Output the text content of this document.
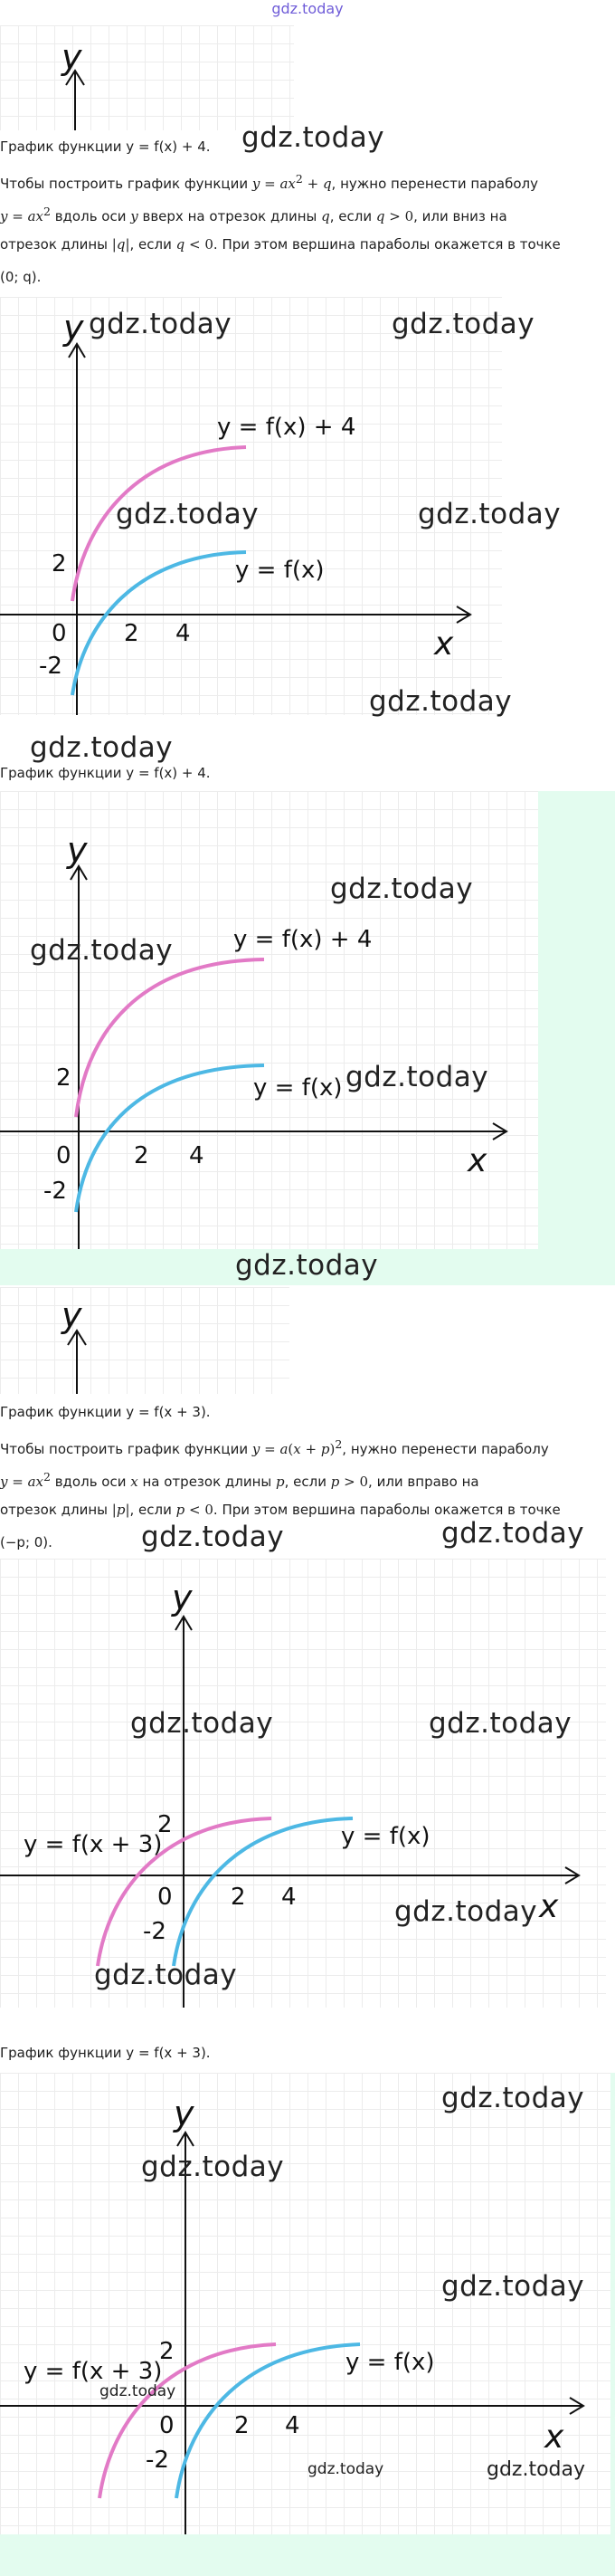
gdz.today
y
gdz.today
График функции y = f(x) + 4.
Чтобы построить график функции $y = ax^2 + q$, нужно перенести параболу
$y = ax^2$ вдоль оси y вверх на отрезок длины q, если q > 0, или вниз на
отрезок длины |q|, если q < 0. При этом вершина параболы окажется в точке
(0; q).
y
x
y = f(x) + 4
y = f(x)
2
0 2 4
-2
gdz.today	gdz.today
gdz.today	gdz.today
gdz.today
gdz.today
График функции y = f(x) + 4.
y
x
y = f(x) + 4
y = f(x)
2
0	2 4
-2
gdz.today
gdz.today
gdz.today
gdz.today
y
График функции y = f(x + 3).
Чтобы построить график функции $y = a(x + p)^2$, нужно перенести параболу
$y = ax^2$ вдоль оси x на отрезок длины p, если p > 0, или вправо на
отрезок длины |p|, если p < 0. При этом вершина параболы окажется в точке
(−p; 0).	gdz.today	gdz.today
y
x
y = f(x + 3)	y = f(x)
2
0 2 4
-2
gdz.today	gdz.today
gdz.today
gdz.today
График функции y = f(x + 3).
y
x
y = f(x + 3)	y = f(x)
2
0	2 4
-2
gdz.today
gdz.today
gdz.today
gdz.today
gdz.today	gdz.today
